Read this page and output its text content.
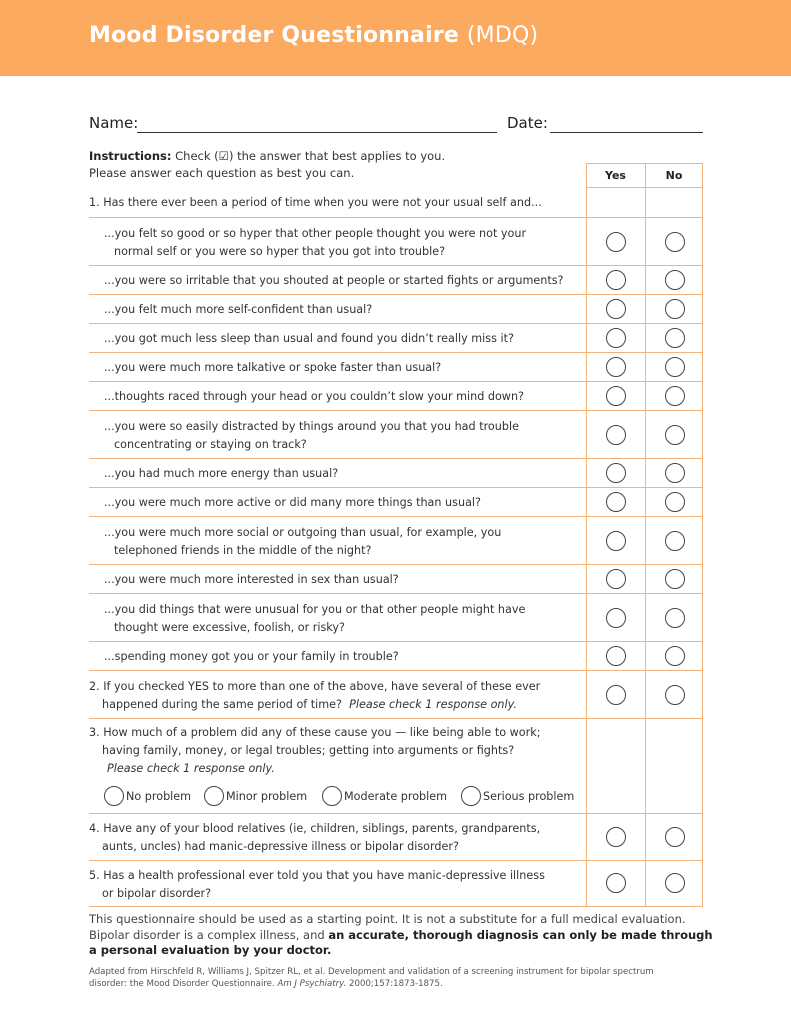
Mood Disorder Questionnaire (MDQ)
Name:	Date:
Instructions: Check (☑) the answer that best applies to you.
Please answer each question as best you can.	Yes	No
1. Has there ever been a period of time when you were not your usual self and...
...you felt so good or so hyper that other people thought you were not your
normal self or you were so hyper that you got into trouble?
...you were so irritable that you shouted at people or started fights or arguments?
...you felt much more self-confident than usual?
...you got much less sleep than usual and found you didn’t really miss it?
...you were much more talkative or spoke faster than usual?
...thoughts raced through your head or you couldn’t slow your mind down?
...you were so easily distracted by things around you that you had trouble
concentrating or staying on track?
...you had much more energy than usual?
...you were much more active or did many more things than usual?
...you were much more social or outgoing than usual, for example, you
telephoned friends in the middle of the night?
...you were much more interested in sex than usual?
...you did things that were unusual for you or that other people might have
thought were excessive, foolish, or risky?
...spending money got you or your family in trouble?
2. If you checked YES to more than one of the above, have several of these ever
happened during the same period of time? Please check 1 response only.
3. How much of a problem did any of these cause you — like being able to work;
having family, money, or legal troubles; getting into arguments or fights?
Please check 1 response only.
No problem	Minor problem	Moderate problem	Serious problem
4. Have any of your blood relatives (ie, children, siblings, parents, grandparents,
aunts, uncles) had manic-depressive illness or bipolar disorder?
5. Has a health professional ever told you that you have manic-depressive illness
or bipolar disorder?
This questionnaire should be used as a starting point. It is not a substitute for a full medical evaluation.
Bipolar disorder is a complex illness, and an accurate, thorough diagnosis can only be made through
a personal evaluation by your doctor.
Adapted from Hirschfeld R, Williams J, Spitzer RL, et al. Development and validation of a screening instrument for bipolar spectrum
disorder: the Mood Disorder Questionnaire. Am J Psychiatry. 2000;157:1873-1875.
